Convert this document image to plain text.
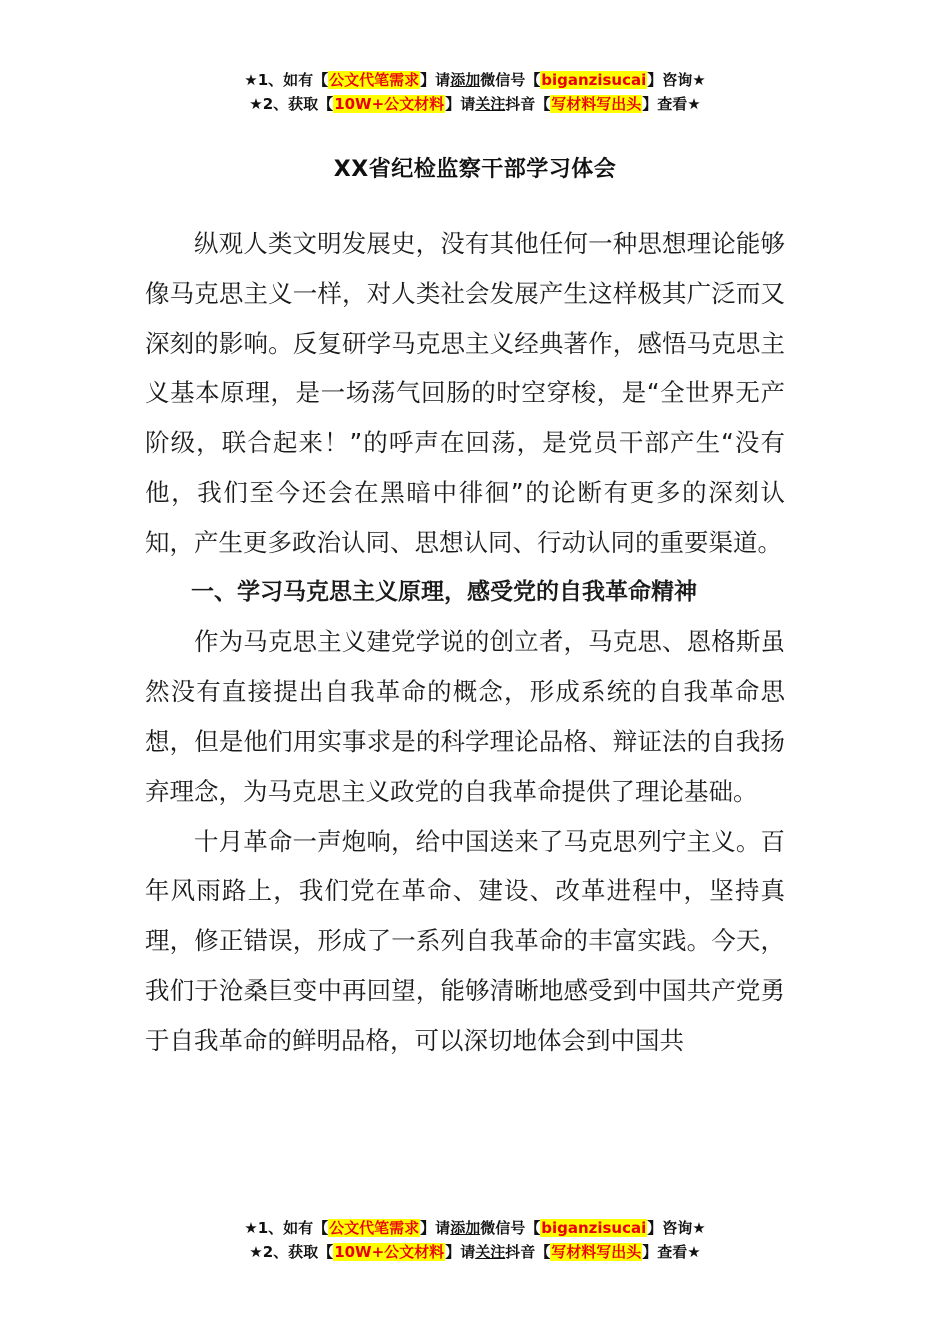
★1、如有【公文代笔需求】请添加微信号【biganzisucai】咨询★
★2、获取【10W+公文材料】请关注抖音【写材料写出头】查看★
XX省纪检监察干部学习体会

纵观人类文明发展史，没有其他任何一种思想理论能够像马克思主义一样，对人类社会发展产生这样极其广泛而又深刻的影响。反复研学马克思主义经典著作，感悟马克思主义基本原理，是一场荡气回肠的时空穿梭，是“全世界无产阶级，联合起来！”的呼声在回荡，是党员干部产生“没有他，我们至今还会在黑暗中徘徊”的论断有更多的深刻认知，产生更多政治认同、思想认同、行动认同的重要渠道。

一、学习马克思主义原理，感受党的自我革命精神

作为马克思主义建党学说的创立者，马克思、恩格斯虽然没有直接提出自我革命的概念，形成系统的自我革命思想，但是他们用实事求是的科学理论品格、辩证法的自我扬弃理念，为马克思主义政党的自我革命提供了理论基础。

十月革命一声炮响，给中国送来了马克思列宁主义。百年风雨路上，我们党在革命、建设、改革进程中，坚持真理，修正错误，形成了一系列自我革命的丰富实践。今天，我们于沧桑巨变中再回望，能够清晰地感受到中国共产党勇于自我革命的鲜明品格，可以深切地体会到中国共

★1、如有【公文代笔需求】请添加微信号【biganzisucai】咨询★
★2、获取【10W+公文材料】请关注抖音【写材料写出头】查看★
